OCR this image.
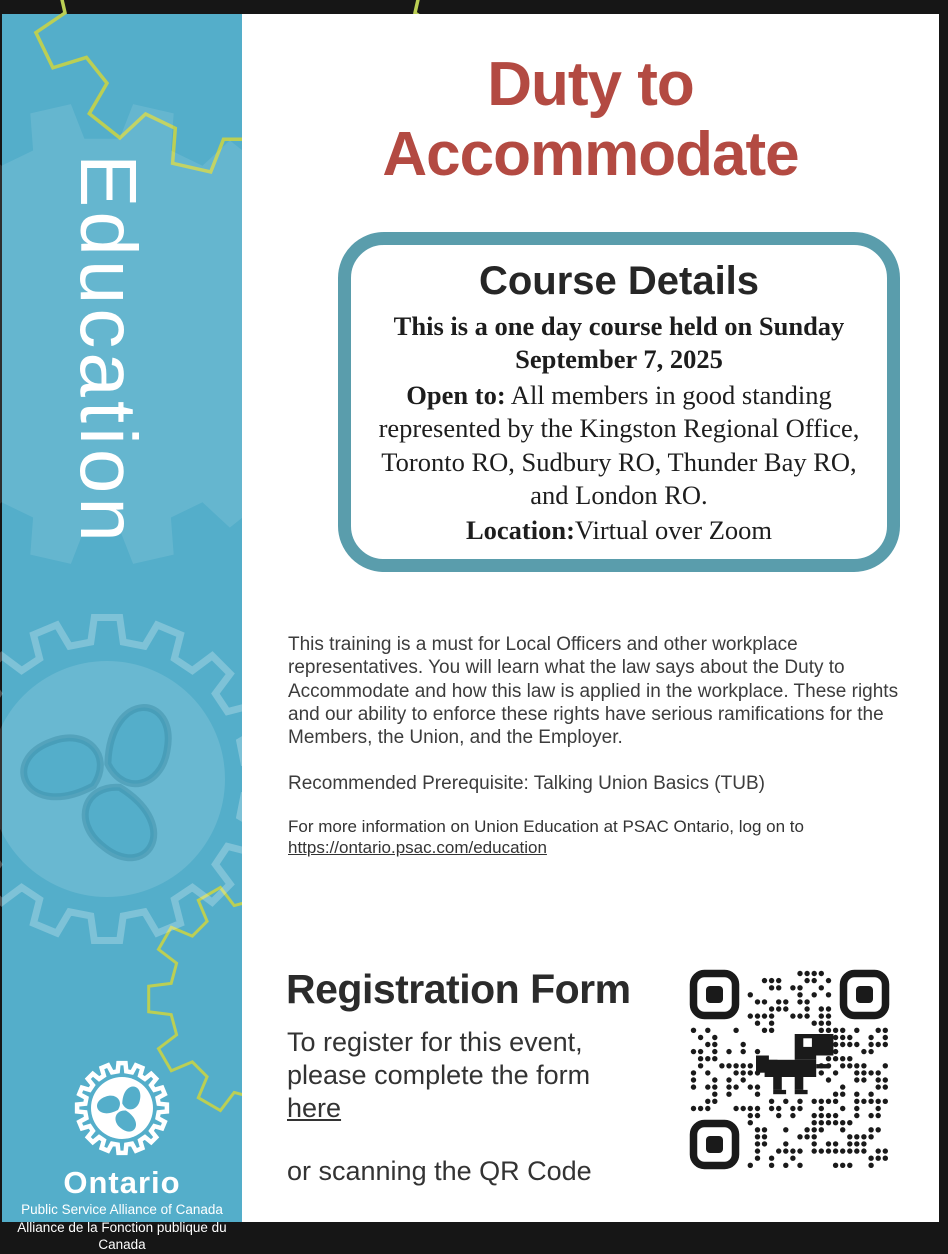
Education
Ontario
Public Service Alliance of Canada
Alliance de la Fonction publique du Canada
Duty to
Accommodate
Course Details
This is a one day course held on Sunday
September 7, 2025

Open to: All members in good standing represented by the Kingston Regional Office, Toronto RO, Sudbury RO, Thunder Bay RO, and London RO.

Location:Virtual over Zoom

This training is a must for Local Officers and other workplace representatives. You will learn what the law says about the Duty to Accommodate and how this law is applied in the workplace. These rights and our ability to enforce these rights have serious ramifications for the Members, the Union, and the Employer.

Recommended Prerequisite: Talking Union Basics (TUB)

For more information on Union Education at PSAC Ontario, log on to
https://ontario.psac.com/education

Registration Form
To register for this event,
please complete the form
here
or scanning the QR Code
